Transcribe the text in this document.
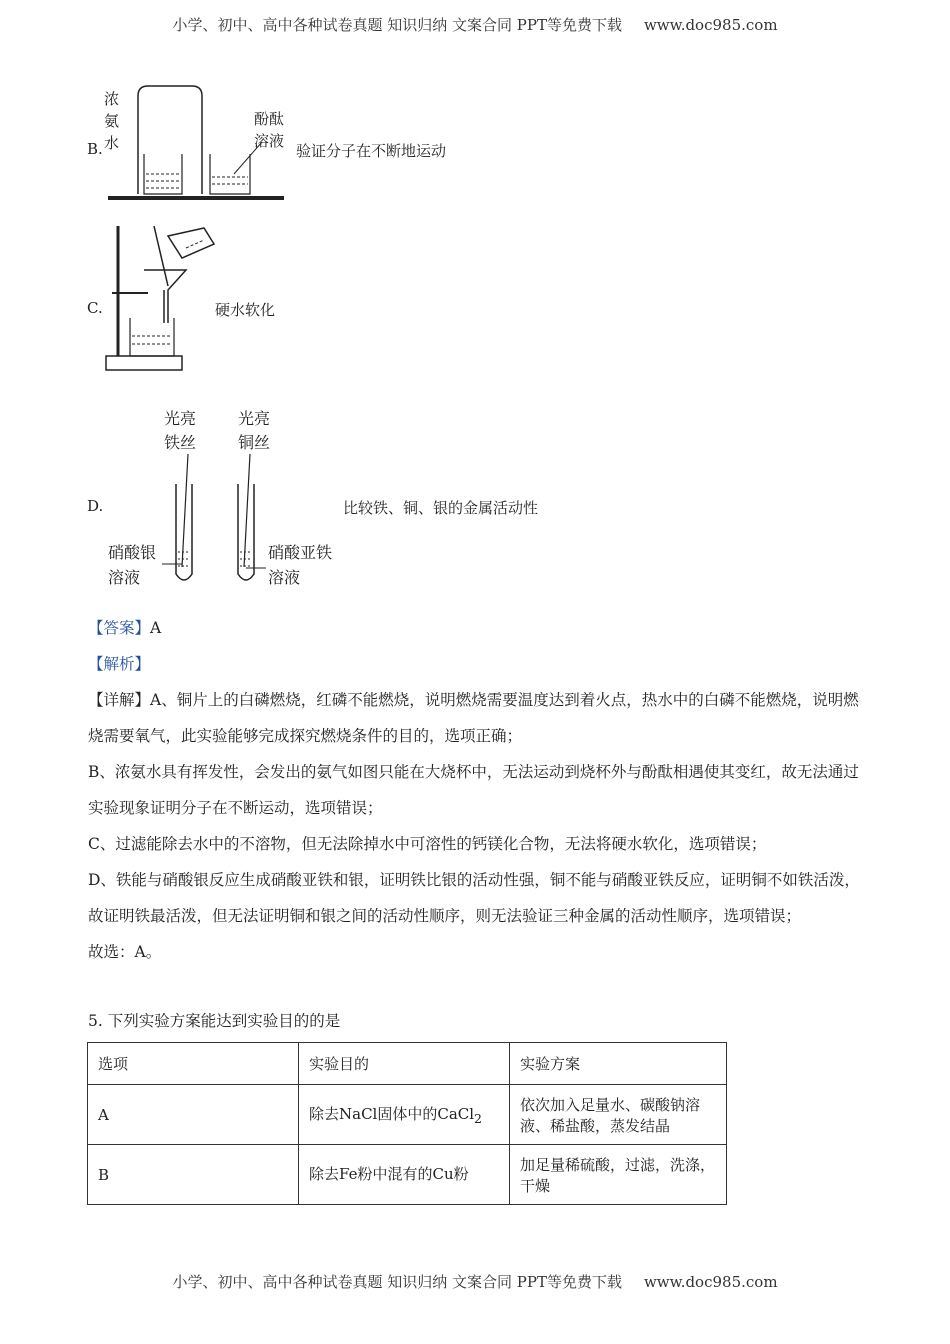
小学、初中、高中各种试卷真题 知识归纳 文案合同 PPT等免费下载 www.doc985.com
B.
浓
氨
水
酚酞
溶液
验证分子在不断地运动
C.	硬水软化
D.
光亮
铁丝
光亮
铜丝
硝酸银
溶液
硝酸亚铁
溶液
比较铁、铜、银的金属活动性
【答案】A
【解析】
【详解】A、铜片上的白磷燃烧，红磷不能燃烧，说明燃烧需要温度达到着火点，热水中的白磷不能燃烧，说明燃烧需要氧气，此实验能够完成探究燃烧条件的目的，选项正确；
B、浓氨水具有挥发性，会发出的氨气如图只能在大烧杯中，无法运动到烧杯外与酚酞相遇使其变红，故无法通过实验现象证明分子在不断运动，选项错误；
C、过滤能除去水中的不溶物，但无法除掉水中可溶性的钙镁化合物，无法将硬水软化，选项错误；
D、铁能与硝酸银反应生成硝酸亚铁和银，证明铁比银的活动性强，铜不能与硝酸亚铁反应，证明铜不如铁活泼，故证明铁最活泼，但无法证明铜和银之间的活动性顺序，则无法验证三种金属的活动性顺序，选项错误；
故选：A。
5. 下列实验方案能达到实验目的的是
选项	实验目的	实验方案
A	除去NaCl固体中的CaCl$_2$	依次加入足量水、碳酸钠溶液、稀盐酸，蒸发结晶
B	除去Fe粉中混有的Cu粉	加足量稀硫酸，过滤，洗涤，干燥
小学、初中、高中各种试卷真题 知识归纳 文案合同 PPT等免费下载 www.doc985.com
